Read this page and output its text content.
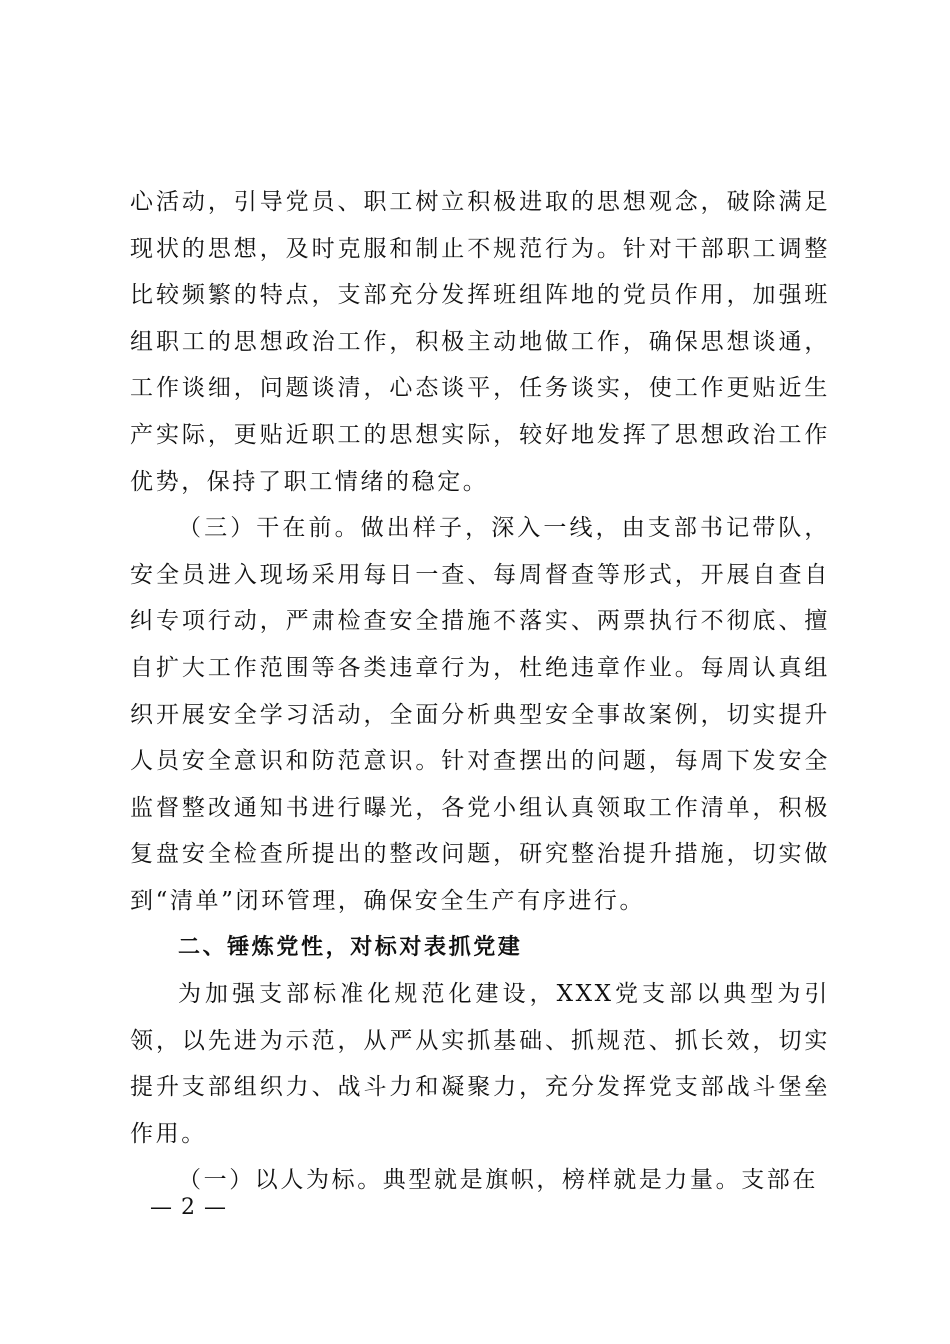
心活动，引导党员、职工树立积极进取的思想观念，破除满足现状的思想，及时克服和制止不规范行为。针对干部职工调整比较频繁的特点，支部充分发挥班组阵地的党员作用，加强班组职工的思想政治工作，积极主动地做工作，确保思想谈通，工作谈细，问题谈清，心态谈平，任务谈实，使工作更贴近生产实际，更贴近职工的思想实际，较好地发挥了思想政治工作优势，保持了职工情绪的稳定。

（三）干在前。做出样子，深入一线，由支部书记带队，安全员进入现场采用每日一查、每周督查等形式，开展自查自纠专项行动，严肃检查安全措施不落实、两票执行不彻底、擅自扩大工作范围等各类违章行为，杜绝违章作业。每周认真组织开展安全学习活动，全面分析典型安全事故案例，切实提升人员安全意识和防范意识。针对查摆出的问题，每周下发安全监督整改通知书进行曝光，各党小组认真领取工作清单，积极复盘安全检查所提出的整改问题，研究整治提升措施，切实做到“清单”闭环管理，确保安全生产有序进行。

二、锤炼党性，对标对表抓党建

为加强支部标准化规范化建设，XXX党支部以典型为引领，以先进为示范，从严从实抓基础、抓规范、抓长效，切实提升支部组织力、战斗力和凝聚力，充分发挥党支部战斗堡垒作用。

（一）以人为标。典型就是旗帜，榜样就是力量。支部在

— 2 —
